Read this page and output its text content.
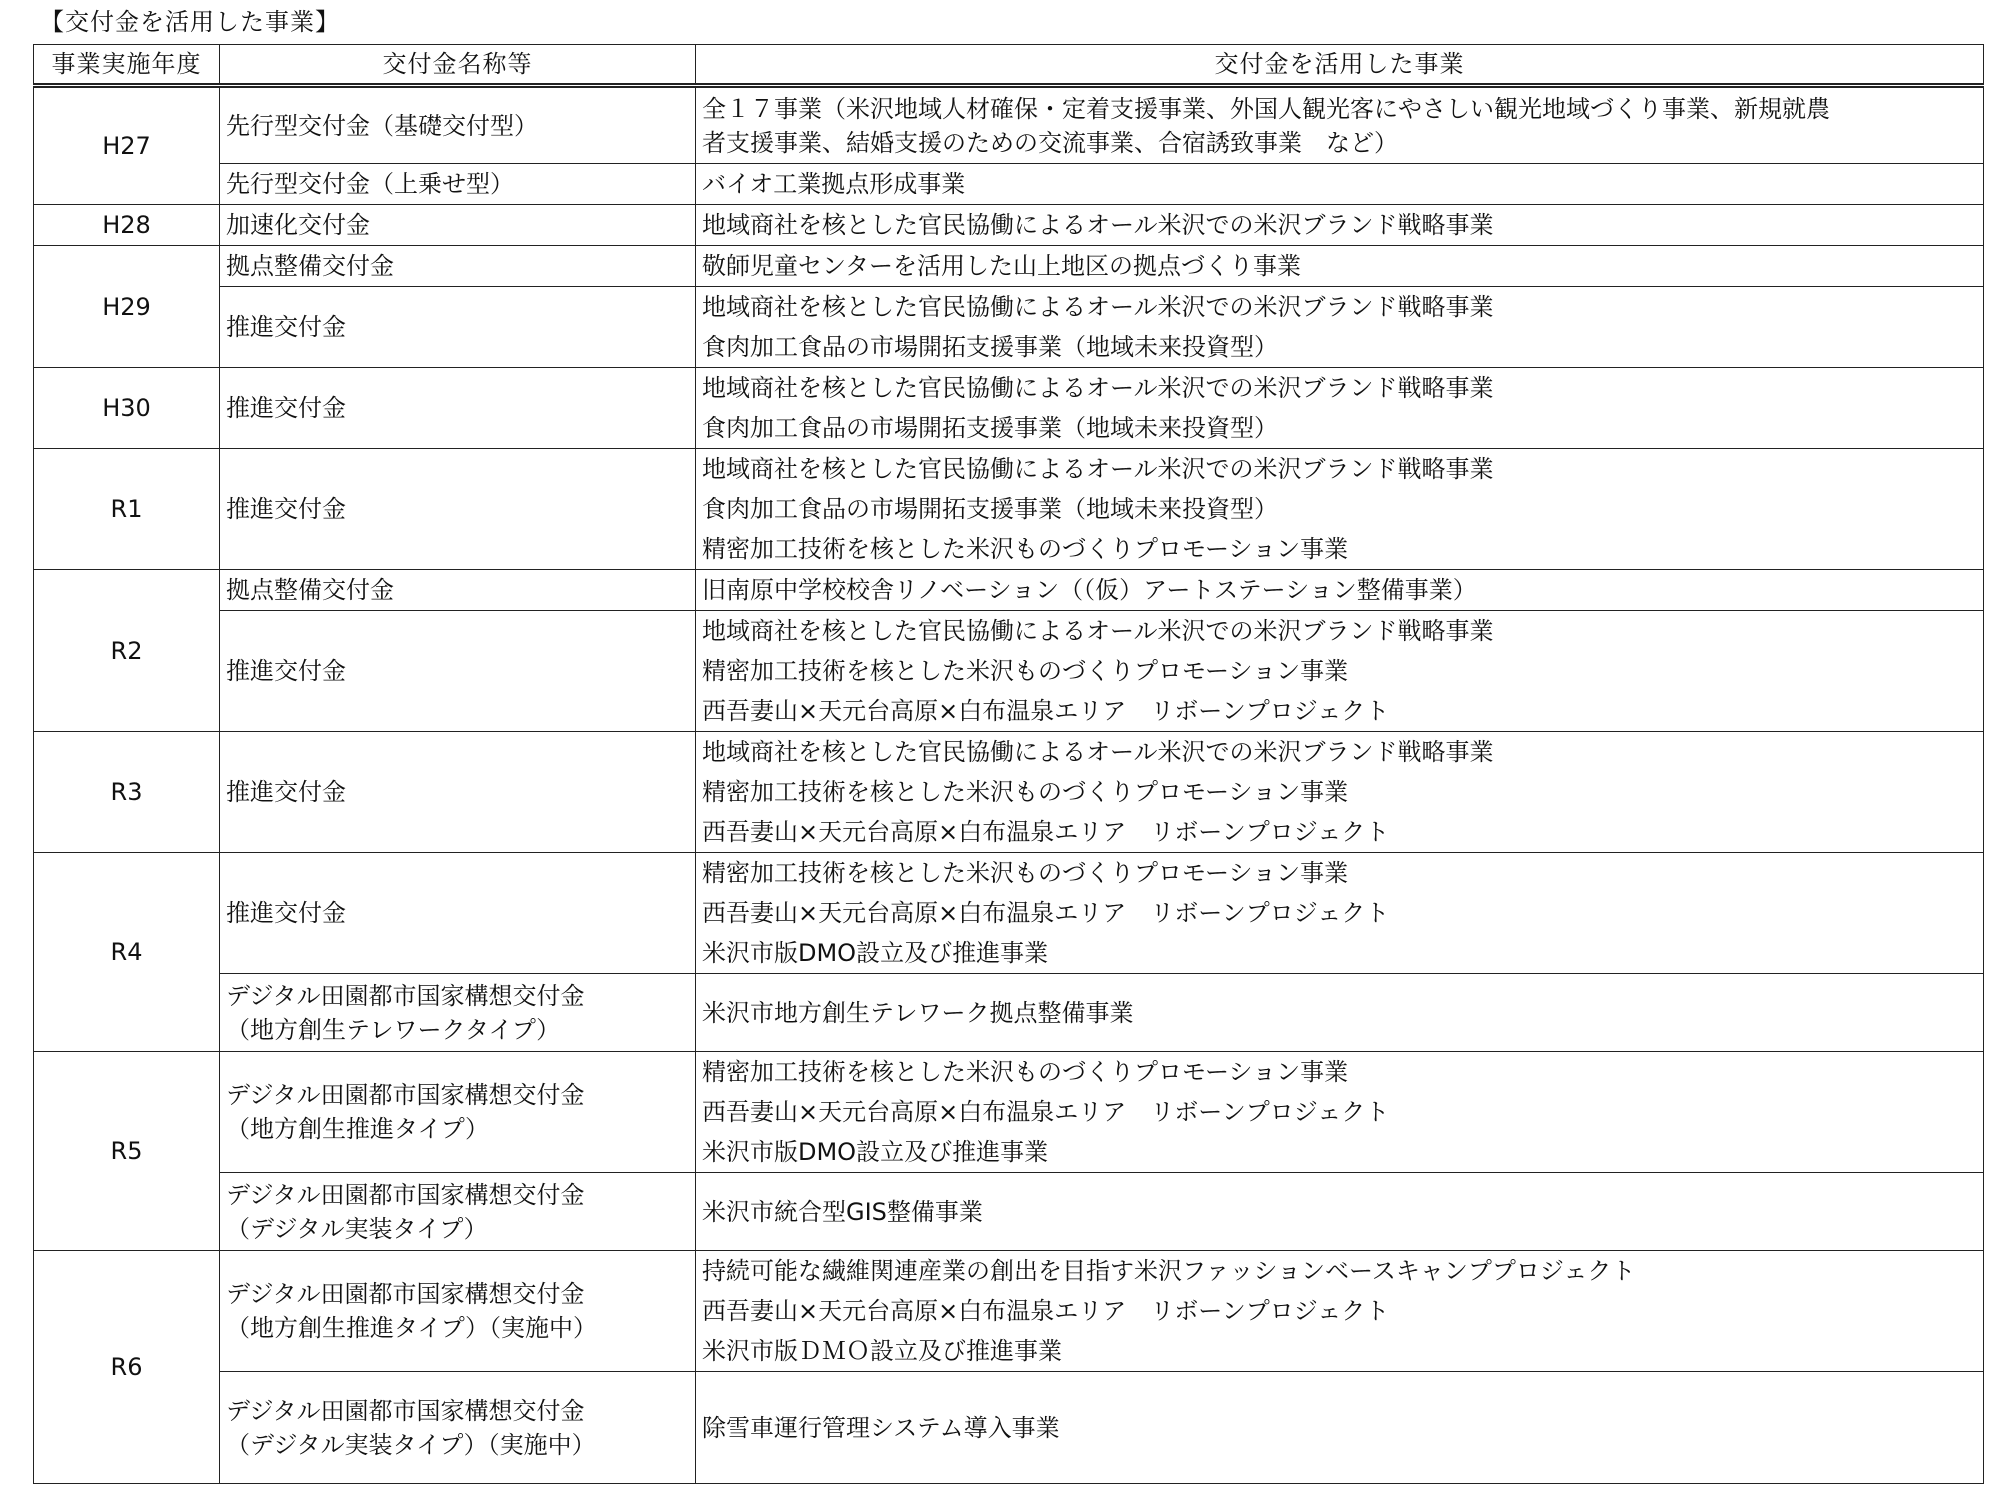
【交付金を活用した事業】
事業実施年度	交付金名称等	交付金を活用した事業
H27	先行型交付金（基礎交付型）	全１７事業（米沢地域人材確保・定着支援事業、外国人観光客にやさしい観光地域づくり事業、新規就農
者支援事業、結婚支援のための交流事業、合宿誘致事業　など）

	先行型交付金（上乗せ型）	バイオ工業拠点形成事業

H28	加速化交付金	地域商社を核とした官民協働によるオール米沢での米沢ブランド戦略事業

H29	拠点整備交付金	敬師児童センターを活用した山上地区の拠点づくり事業

	推進交付金	地域商社を核とした官民協働によるオール米沢での米沢ブランド戦略事業
食肉加工食品の市場開拓支援事業（地域未来投資型）

H30	推進交付金	地域商社を核とした官民協働によるオール米沢での米沢ブランド戦略事業
食肉加工食品の市場開拓支援事業（地域未来投資型）

R1	推進交付金	地域商社を核とした官民協働によるオール米沢での米沢ブランド戦略事業
食肉加工食品の市場開拓支援事業（地域未来投資型）
精密加工技術を核とした米沢ものづくりプロモーション事業

R2	拠点整備交付金	旧南原中学校校舎リノベーション（（仮）アートステーション整備事業）

	推進交付金	地域商社を核とした官民協働によるオール米沢での米沢ブランド戦略事業
精密加工技術を核とした米沢ものづくりプロモーション事業
西吾妻山×天元台高原×白布温泉エリア　リボーンプロジェクト

R3	推進交付金	地域商社を核とした官民協働によるオール米沢での米沢ブランド戦略事業
精密加工技術を核とした米沢ものづくりプロモーション事業
西吾妻山×天元台高原×白布温泉エリア　リボーンプロジェクト

R4	推進交付金	精密加工技術を核とした米沢ものづくりプロモーション事業
西吾妻山×天元台高原×白布温泉エリア　リボーンプロジェクト
米沢市版DMO設立及び推進事業

	デジタル田園都市国家構想交付金
（地方創生テレワークタイプ）	米沢市地方創生テレワーク拠点整備事業

R5	デジタル田園都市国家構想交付金
（地方創生推進タイプ）	精密加工技術を核とした米沢ものづくりプロモーション事業
西吾妻山×天元台高原×白布温泉エリア　リボーンプロジェクト
米沢市版DMO設立及び推進事業

	デジタル田園都市国家構想交付金
（デジタル実装タイプ）	米沢市統合型GIS整備事業

R6	デジタル田園都市国家構想交付金
（地方創生推進タイプ）（実施中）	持続可能な繊維関連産業の創出を目指す米沢ファッションベースキャンププロジェクト
西吾妻山×天元台高原×白布温泉エリア　リボーンプロジェクト
米沢市版ＤＭＯ設立及び推進事業

	デジタル田園都市国家構想交付金
（デジタル実装タイプ）（実施中）	除雪車運行管理システム導入事業
